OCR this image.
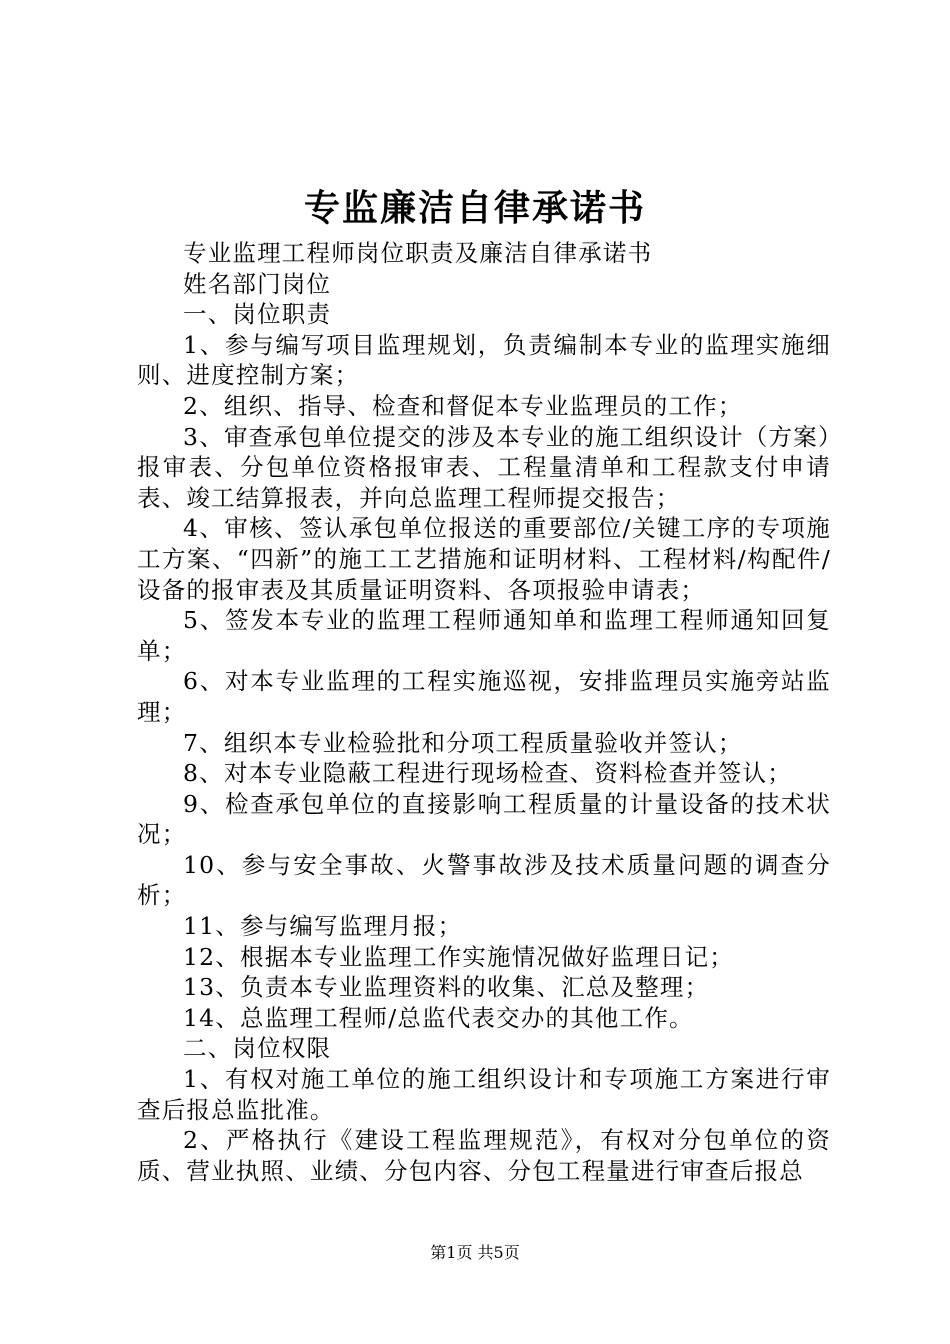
专监廉洁自律承诺书

专业监理工程师岗位职责及廉洁自律承诺书

姓名部门岗位

一、岗位职责

1、参与编写项目监理规划，负责编制本专业的监理实施细则、进度控制方案；

2、组织、指导、检查和督促本专业监理员的工作；

3、审查承包单位提交的涉及本专业的施工组织设计（方案）报审表、分包单位资格报审表、工程量清单和工程款支付申请表、竣工结算报表，并向总监理工程师提交报告；

4、审核、签认承包单位报送的重要部位/关键工序的专项施工方案、“四新”的施工工艺措施和证明材料、工程材料/构配件/设备的报审表及其质量证明资料、各项报验申请表；

5、签发本专业的监理工程师通知单和监理工程师通知回复单；

6、对本专业监理的工程实施巡视，安排监理员实施旁站监理；

7、组织本专业检验批和分项工程质量验收并签认；

8、对本专业隐蔽工程进行现场检查、资料检查并签认；

9、检查承包单位的直接影响工程质量的计量设备的技术状况；

10、参与安全事故、火警事故涉及技术质量问题的调查分析；

11、参与编写监理月报；

12、根据本专业监理工作实施情况做好监理日记；

13、负责本专业监理资料的收集、汇总及整理；

14、总监理工程师/总监代表交办的其他工作。

二、岗位权限

1、有权对施工单位的施工组织设计和专项施工方案进行审查后报总监批准。

2、严格执行《建设工程监理规范》，有权对分包单位的资质、营业执照、业绩、分包内容、分包工程量进行审查后报总

第1页 共5页
